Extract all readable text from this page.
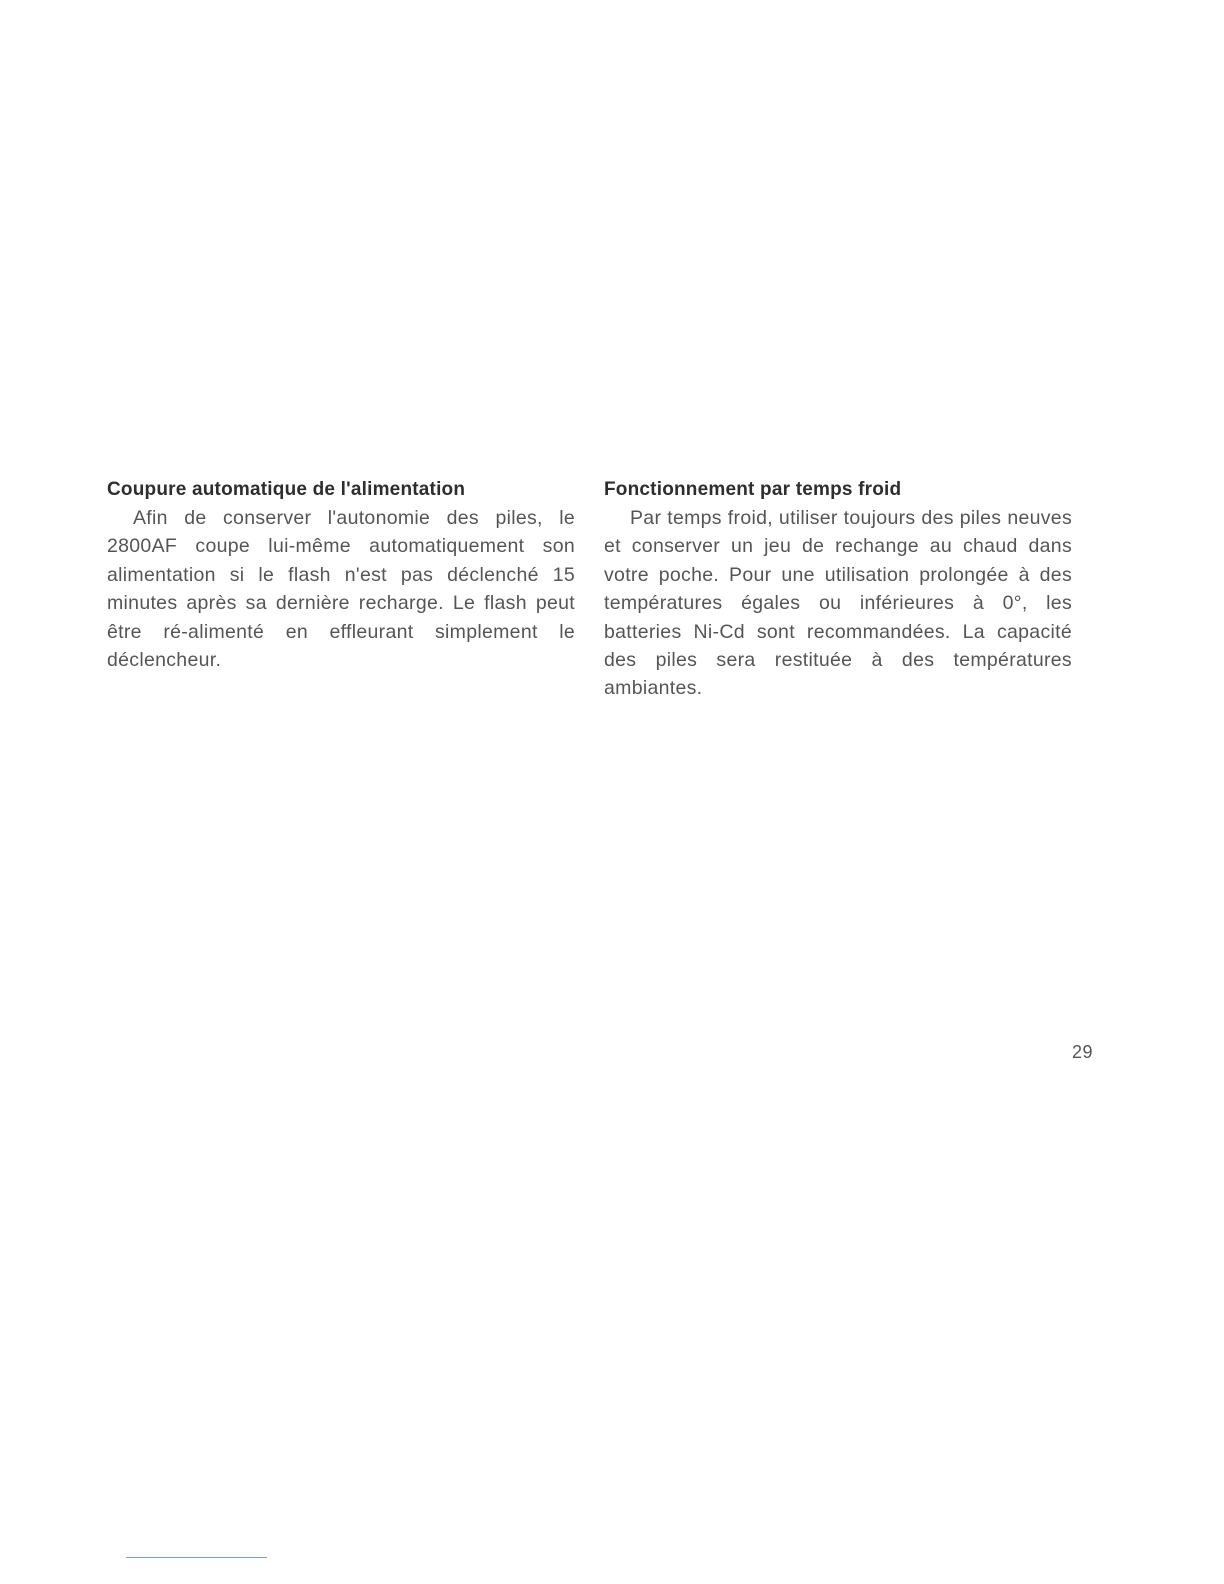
Coupure automatique de l'alimentation

Afin de conserver l'autonomie des piles, le 2800AF coupe lui-même automatiquement son alimentation si le flash n'est pas déclenché 15 minutes après sa dernière recharge. Le flash peut être ré-alimenté en effleurant simplement le déclencheur.

Fonctionnement par temps froid

Par temps froid, utiliser toujours des piles neuves et conserver un jeu de rechange au chaud dans votre poche. Pour une utilisation prolongée à des températures égales ou inférieures à 0°, les batteries Ni-Cd sont recommandées. La capacité des piles sera restituée à des températures ambiantes.

29
